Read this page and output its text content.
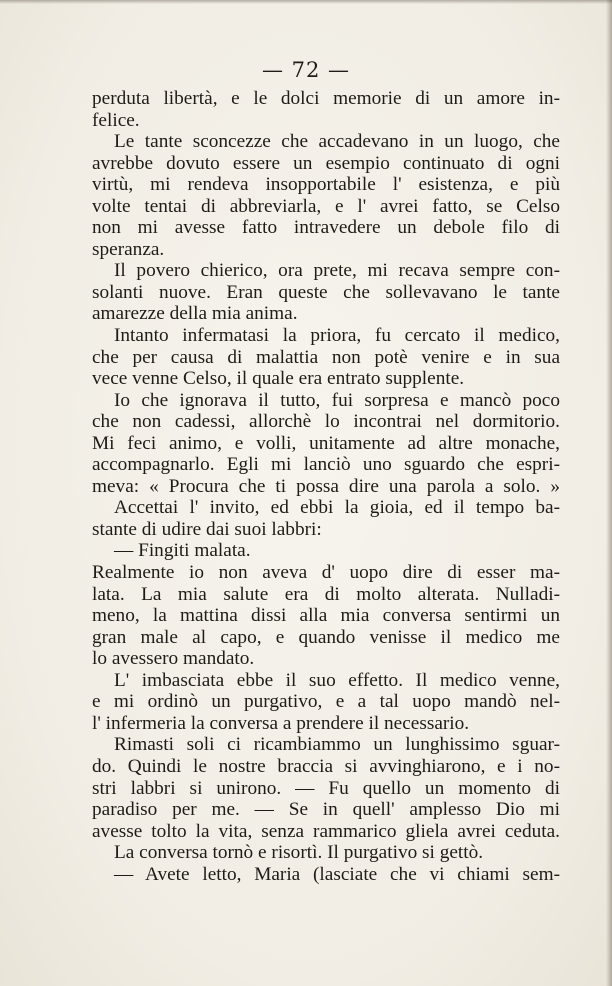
— 72 —
perduta libertà, e le dolci memorie di un amore in-
felice.
Le tante sconcezze che accadevano in un luogo, che
avrebbe dovuto essere un esempio continuato di ogni
virtù, mi rendeva insopportabile l' esistenza, e più
volte tentai di abbreviarla, e l' avrei fatto, se Celso
non mi avesse fatto intravedere un debole filo di
speranza.
Il povero chierico, ora prete, mi recava sempre con-
solanti nuove. Eran queste che sollevavano le tante
amarezze della mia anima.
Intanto infermatasi la priora, fu cercato il medico,
che per causa di malattia non potè venire e in sua
vece venne Celso, il quale era entrato supplente.
Io che ignorava il tutto, fui sorpresa e mancò poco
che non cadessi, allorchè lo incontrai nel dormitorio.
Mi feci animo, e volli, unitamente ad altre monache,
accompagnarlo. Egli mi lanciò uno sguardo che espri-
meva: « Procura che ti possa dire una parola a solo. »
Accettai l' invito, ed ebbi la gioia, ed il tempo ba-
stante di udire dai suoi labbri:
— Fingiti malata.
Realmente io non aveva d' uopo dire di esser ma-
lata. La mia salute era di molto alterata. Nulladi-
meno, la mattina dissi alla mia conversa sentirmi un
gran male al capo, e quando venisse il medico me
lo avessero mandato.
L' imbasciata ebbe il suo effetto. Il medico venne,
e mi ordinò un purgativo, e a tal uopo mandò nel-
l' infermeria la conversa a prendere il necessario.
Rimasti soli ci ricambiammo un lunghissimo sguar-
do. Quindi le nostre braccia si avvinghiarono, e i no-
stri labbri si unirono. — Fu quello un momento di
paradiso per me. — Se in quell' amplesso Dio mi
avesse tolto la vita, senza rammarico gliela avrei ceduta.
La conversa tornò e risortì. Il purgativo si gettò.
— Avete letto, Maria (lasciate che vi chiami sem-
